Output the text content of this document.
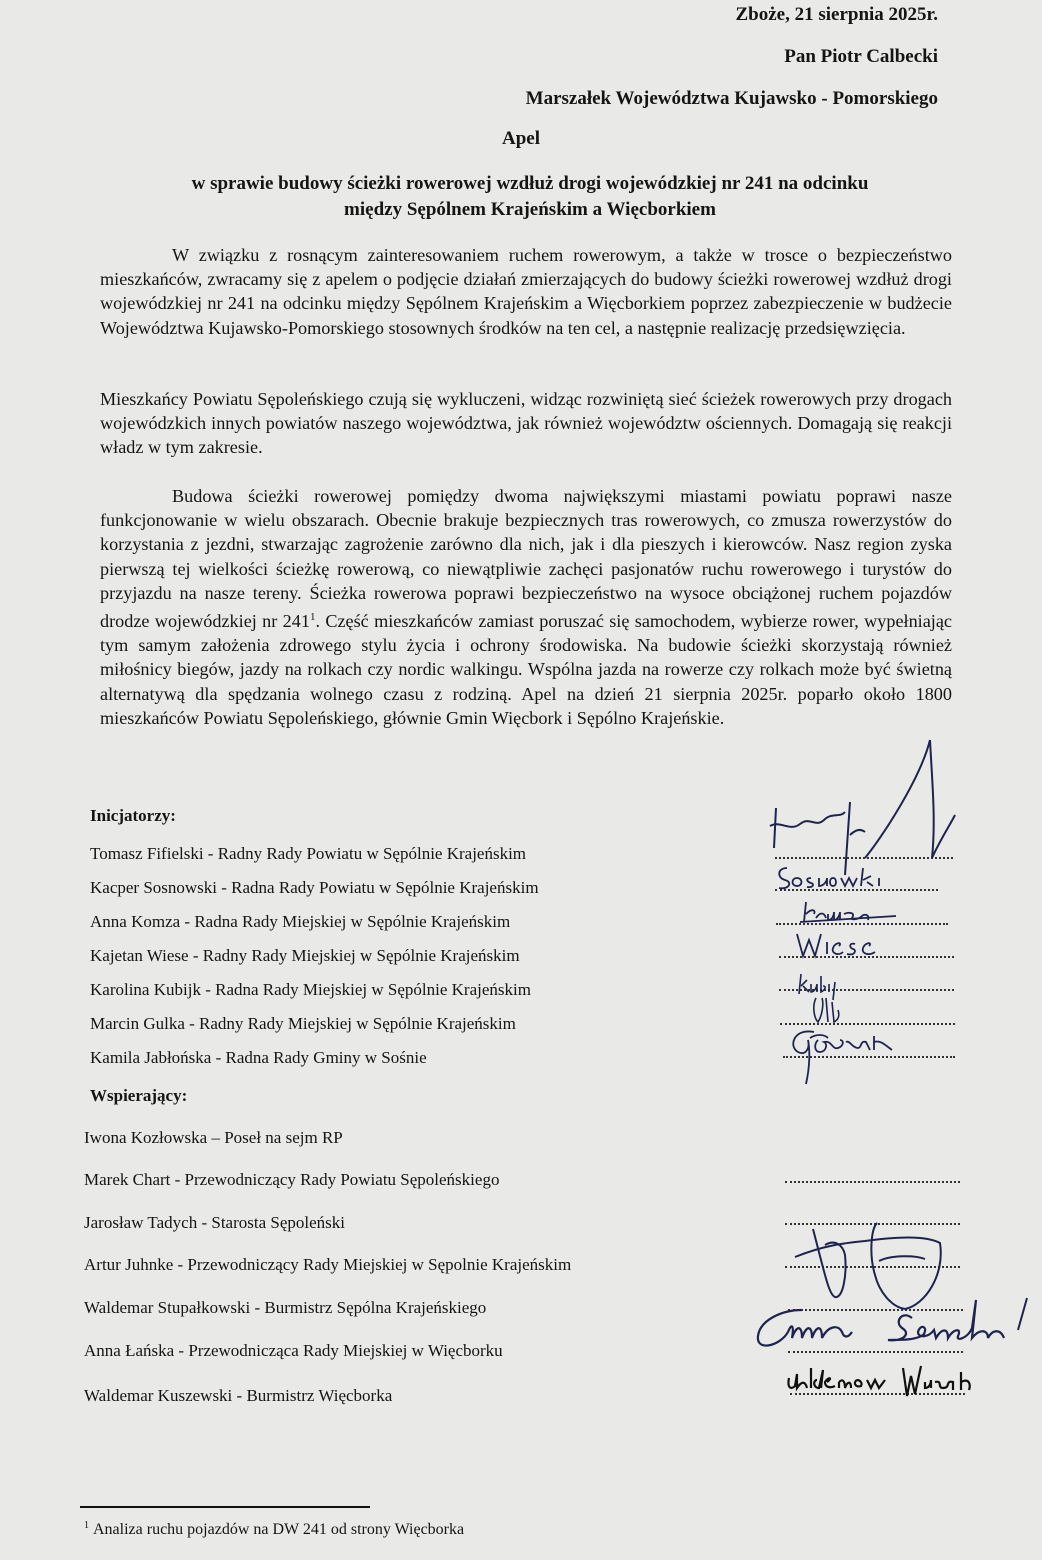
Zboże, 21 sierpnia 2025r.
Pan Piotr Calbecki
Marszałek Województwa Kujawsko - Pomorskiego
Apel
w sprawie budowy ścieżki rowerowej wzdłuż drogi wojewódzkiej nr 241 na odcinku
między Sępólnem Krajeńskim a Więcborkiem
W związku z rosnącym zainteresowaniem ruchem rowerowym, a także w trosce o bezpieczeństwo mieszkańców, zwracamy się z apelem o podjęcie działań zmierzających do budowy ścieżki rowerowej wzdłuż drogi wojewódzkiej nr 241 na odcinku między Sępólnem Krajeńskim a Więcborkiem poprzez zabezpieczenie w budżecie Województwa Kujawsko-Pomorskiego stosownych środków na ten cel, a następnie realizację przedsięwzięcia.
Mieszkańcy Powiatu Sępoleńskiego czują się wykluczeni, widząc rozwiniętą sieć ścieżek rowerowych przy drogach wojewódzkich innych powiatów naszego województwa, jak również województw ościennych. Domagają się reakcji władz w tym zakresie.
Budowa ścieżki rowerowej pomiędzy dwoma największymi miastami powiatu poprawi nasze funkcjonowanie w wielu obszarach. Obecnie brakuje bezpiecznych tras rowerowych, co zmusza rowerzystów do korzystania z jezdni, stwarzając zagrożenie zarówno dla nich, jak i dla pieszych i kierowców. Nasz region zyska pierwszą tej wielkości ścieżkę rowerową, co niewątpliwie zachęci pasjonatów ruchu rowerowego i turystów do przyjazdu na nasze tereny. Ścieżka rowerowa poprawi bezpieczeństwo na wysoce obciążonej ruchem pojazdów drodze wojewódzkiej nr 241$^1$. Część mieszkańców zamiast poruszać się samochodem, wybierze rower, wypełniając tym samym założenia zdrowego stylu życia i ochrony środowiska. Na budowie ścieżki skorzystają również miłośnicy biegów, jazdy na rolkach czy nordic walkingu. Wspólna jazda na rowerze czy rolkach może być świetną alternatywą dla spędzania wolnego czasu z rodziną. Apel na dzień 21 sierpnia 2025r. poparło około 1800 mieszkańców Powiatu Sępoleńskiego, głównie Gmin Więcbork i Sępólno Krajeńskie.
Inicjatorzy:
Tomasz Fifielski - Radny Rady Powiatu w Sępólnie Krajeńskim
Kacper Sosnowski - Radna Rady Powiatu w Sępólnie Krajeńskim
Anna Komza - Radna Rady Miejskiej w Sępólnie Krajeńskim
Kajetan Wiese - Radny Rady Miejskiej w Sępólnie Krajeńskim
Karolina Kubijk - Radna Rady Miejskiej w Sępólnie Krajeńskim
Marcin Gulka - Radny Rady Miejskiej w Sępólnie Krajeńskim
Kamila Jabłońska - Radna Rady Gminy w Sośnie
Wspierający:
Iwona Kozłowska – Poseł na sejm RP
Marek Chart - Przewodniczący Rady Powiatu Sępoleńskiego
Jarosław Tadych - Starosta Sępoleński
Artur Juhnke - Przewodniczący Rady Miejskiej w Sępolnie Krajeńskim
Waldemar Stupałkowski - Burmistrz Sępólna Krajeńskiego
Anna Łańska - Przewodnicząca Rady Miejskiej w Więcborku
Waldemar Kuszewski - Burmistrz Więcborka
$^1$ Analiza ruchu pojazdów na DW 241 od strony Więcborka
